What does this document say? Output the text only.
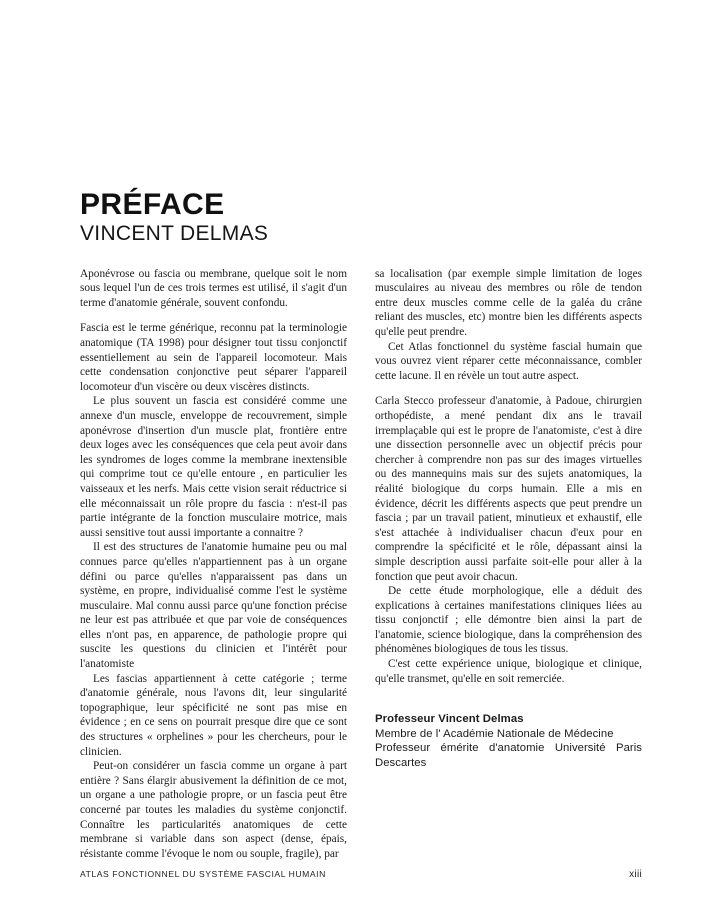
PRÉFACE
VINCENT DELMAS

Aponévrose ou fascia ou membrane, quelque soit le nom sous lequel l'un de ces trois termes est utilisé, il s'agit d'un terme d'anatomie générale, souvent confondu.

Fascia est le terme générique, reconnu pat la terminologie anatomique (TA 1998) pour désigner tout tissu conjonctif essentiellement au sein de l'appareil locomoteur. Mais cette condensation conjonctive peut séparer l'appareil locomoteur d'un viscère ou deux viscères distincts.

Le plus souvent un fascia est considéré comme une annexe d'un muscle, enveloppe de recouvrement, simple aponévrose d'insertion d'un muscle plat, frontière entre deux loges avec les conséquences que cela peut avoir dans les syndromes de loges comme la membrane inextensible qui comprime tout ce qu'elle entoure , en particulier les vaisseaux et les nerfs. Mais cette vision serait réductrice si elle méconnaissait un rôle propre du fascia : n'est-il pas partie intégrante de la fonction musculaire motrice, mais aussi sensitive tout aussi importante a connaitre ?

Il est des structures de l'anatomie humaine peu ou mal connues parce qu'elles n'appartiennent pas à un organe défini ou parce qu'elles n'apparaissent pas dans un système, en propre, individualisé comme l'est le système musculaire. Mal connu aussi parce qu'une fonction précise ne leur est pas attribuée et que par voie de conséquences elles n'ont pas, en apparence, de pathologie propre qui suscite les questions du clinicien et l'intérêt pour l'anatomiste

Les fascias appartiennent à cette catégorie ; terme d'anatomie générale, nous l'avons dit, leur singularité topographique, leur spécificité ne sont pas mise en évidence ; en ce sens on pourrait presque dire que ce sont des structures « orphelines » pour les chercheurs, pour le clinicien.

Peut-on considérer un fascia comme un organe à part entière ? Sans élargir abusivement la définition de ce mot, un organe a une pathologie propre, or un fascia peut être concerné par toutes les maladies du système conjonctif. Connaître les particularités anatomiques de cette membrane si variable dans son aspect (dense, épais, résistante comme l'évoque le nom ou souple, fragile), par

sa localisation (par exemple simple limitation de loges musculaires au niveau des membres ou rôle de tendon entre deux muscles comme celle de la galéa du crâne reliant des muscles, etc) montre bien les différents aspects qu'elle peut prendre.

Cet Atlas fonctionnel du système fascial humain que vous ouvrez vient réparer cette méconnaissance, combler cette lacune. Il en révèle un tout autre aspect.

Carla Stecco professeur d'anatomie, à Padoue, chirurgien orthopédiste, a mené pendant dix ans le travail irremplaçable qui est le propre de l'anatomiste, c'est à dire une dissection personnelle avec un objectif précis pour chercher à comprendre non pas sur des images virtuelles ou des mannequins mais sur des sujets anatomiques, la réalité biologique du corps humain. Elle a mis en évidence, décrit les différents aspects que peut prendre un fascia ; par un travail patient, minutieux et exhaustif, elle s'est attachée à individualiser chacun d'eux pour en comprendre la spécificité et le rôle, dépassant ainsi la simple description aussi parfaite soit-elle pour aller à la fonction que peut avoir chacun.

De cette étude morphologique, elle a déduit des explications à certaines manifestations cliniques liées au tissu conjonctif ; elle démontre bien ainsi la part de l'anatomie, science biologique, dans la compréhension des phénomènes biologiques de tous les tissus.

C'est cette expérience unique, biologique et clinique, qu'elle transmet, qu'elle en soit remerciée.

Professeur Vincent Delmas

Membre de l' Académie Nationale de Médecine

Professeur émérite d'anatomie Université Paris Descartes

ATLAS FONCTIONNEL DU SYSTÈME FASCIAL HUMAIN	xiii
